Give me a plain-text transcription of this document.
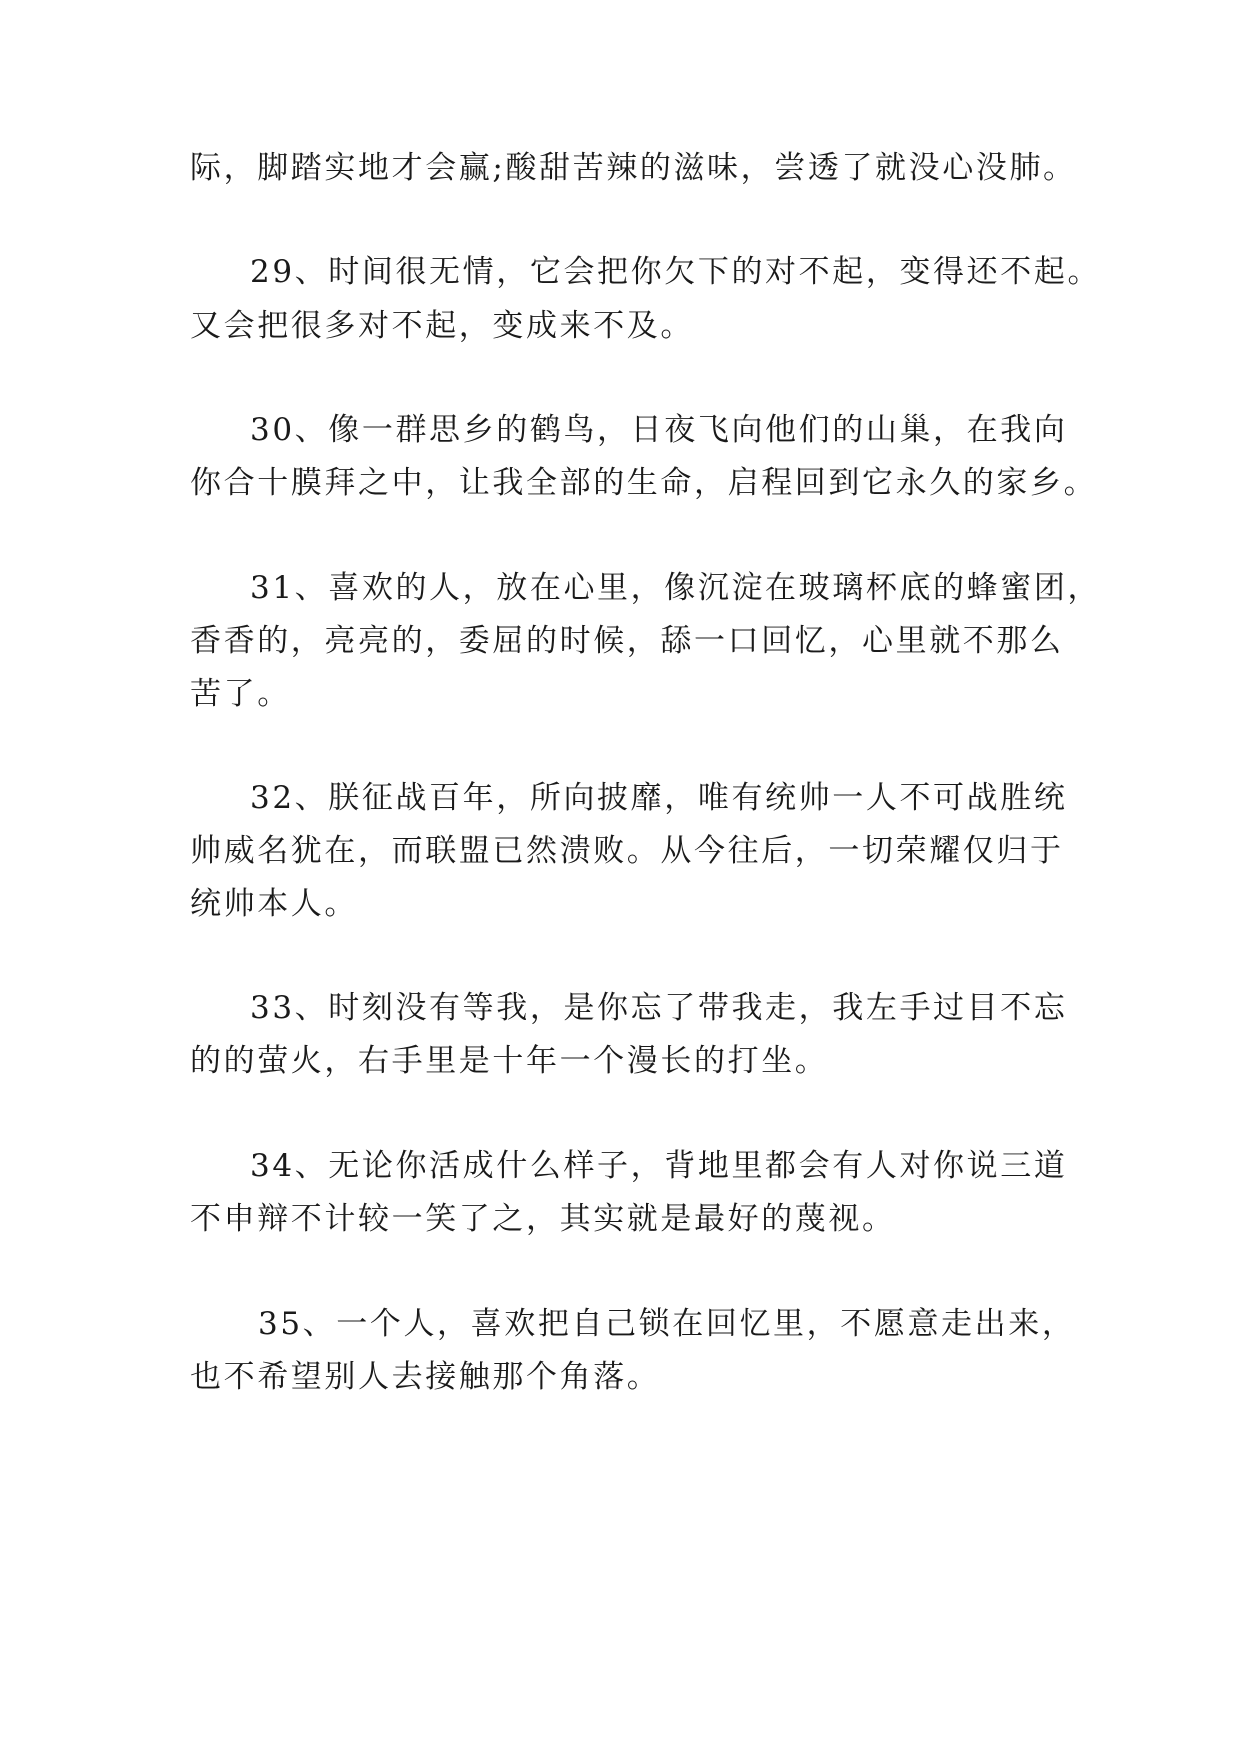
际，脚踏实地才会赢;酸甜苦辣的滋味，尝透了就没心没肺。
29、时间很无情，它会把你欠下的对不起，变得还不起。
又会把很多对不起，变成来不及。
30、像一群思乡的鹤鸟，日夜飞向他们的山巢，在我向
你合十膜拜之中，让我全部的生命，启程回到它永久的家乡。
31、喜欢的人，放在心里，像沉淀在玻璃杯底的蜂蜜团，
香香的，亮亮的，委屈的时候，舔一口回忆，心里就不那么
苦了。
32、朕征战百年，所向披靡，唯有统帅一人不可战胜统
帅威名犹在，而联盟已然溃败。从今往后，一切荣耀仅归于
统帅本人。
33、时刻没有等我，是你忘了带我走，我左手过目不忘
的的萤火，右手里是十年一个漫长的打坐。
34、无论你活成什么样子，背地里都会有人对你说三道
不申辩不计较一笑了之，其实就是最好的蔑视。
35、一个人，喜欢把自己锁在回忆里，不愿意走出来，
也不希望别人去接触那个角落。
